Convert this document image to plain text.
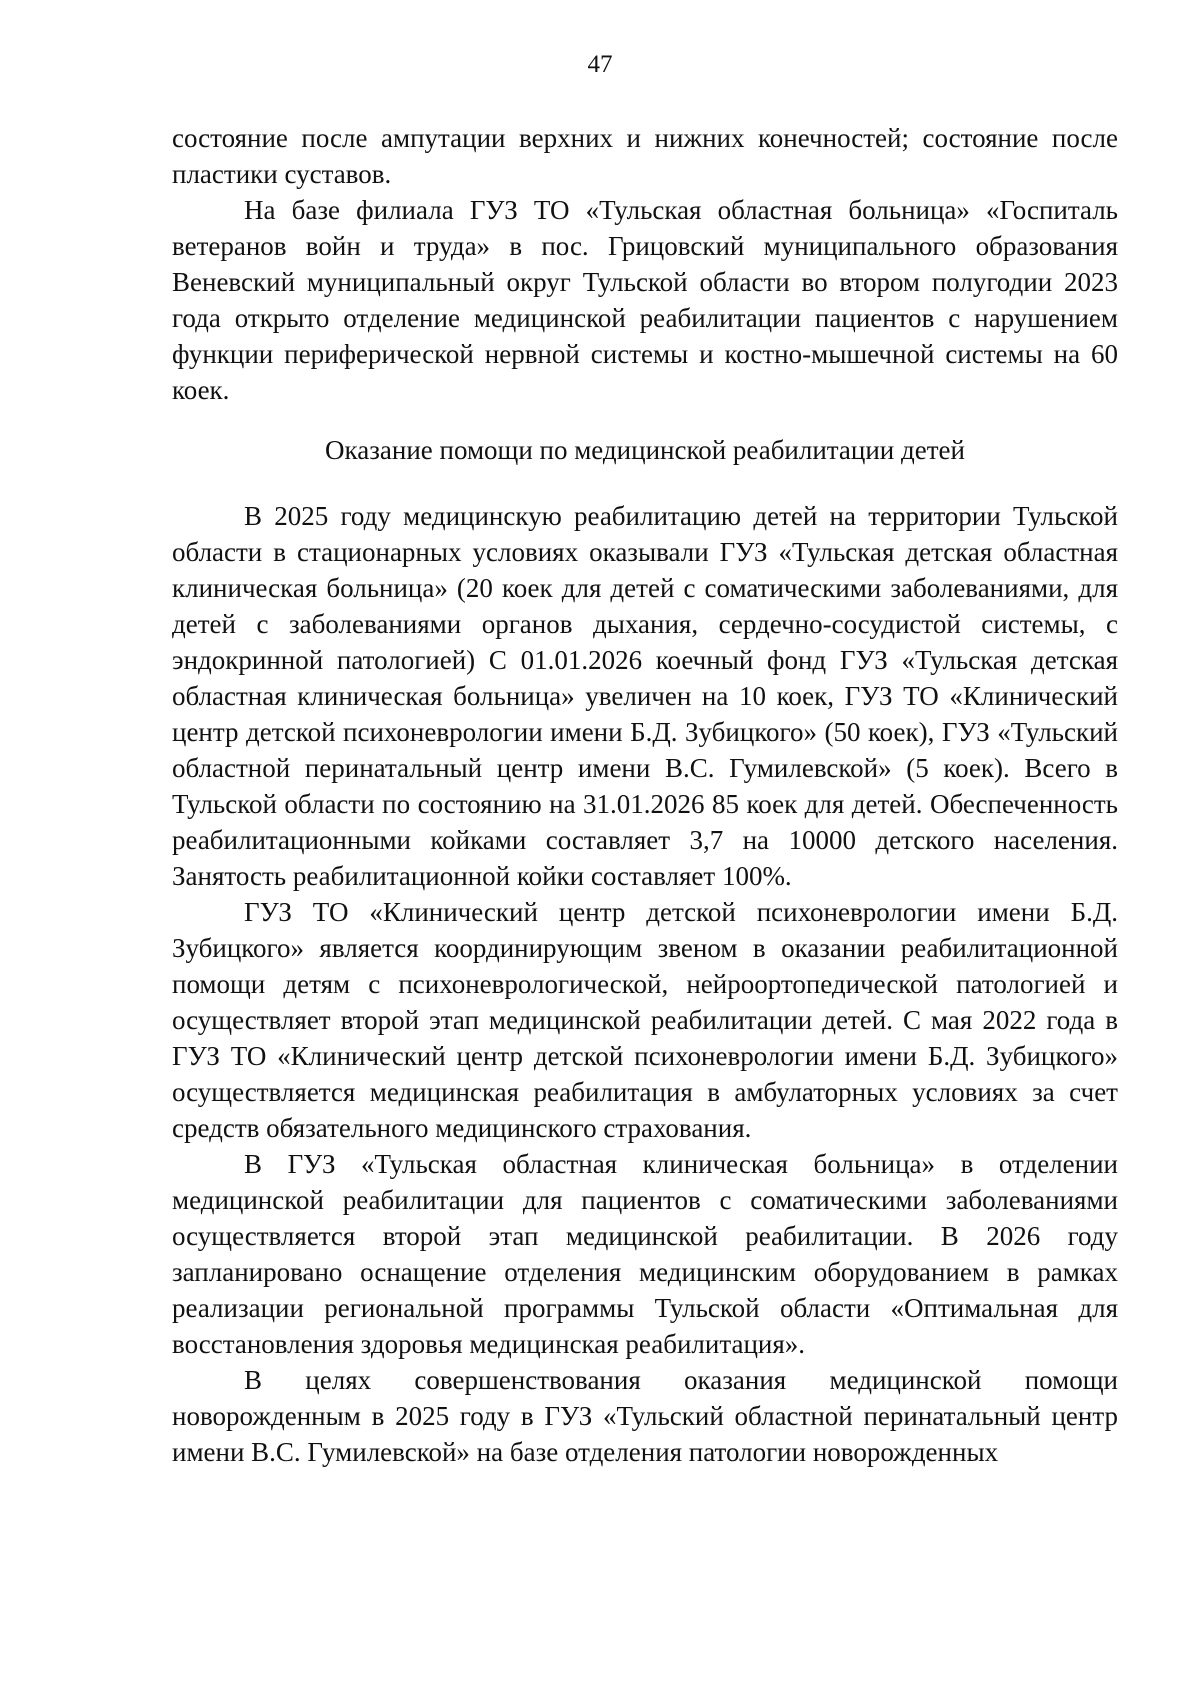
47

состояние после ампутации верхних и нижних конечностей; состояние после пластики суставов.

На базе филиала ГУЗ ТО «Тульская областная больница» «Госпиталь ветеранов войн и труда» в пос. Грицовский муниципального образования Веневский муниципальный округ Тульской области во втором полугодии 2023 года открыто отделение медицинской реабилитации пациентов с нарушением функции периферической нервной системы и костно-мышечной системы на 60 коек.

Оказание помощи по медицинской реабилитации детей

В 2025 году медицинскую реабилитацию детей на территории Тульской области в стационарных условиях оказывали ГУЗ «Тульская детская областная клиническая больница» (20 коек для детей с соматическими заболеваниями, для детей с заболеваниями органов дыхания, сердечно-сосудистой системы, с эндокринной патологией) С 01.01.2026 коечный фонд ГУЗ «Тульская детская областная клиническая больница» увеличен на 10 коек, ГУЗ ТО «Клинический центр детской психоневрологии имени Б.Д. Зубицкого» (50 коек), ГУЗ «Тульский областной перинатальный центр имени В.С. Гумилевской» (5 коек). Всего в Тульской области по состоянию на 31.01.2026 85 коек для детей. Обеспеченность реабилитационными койками составляет 3,7 на 10000 детского населения. Занятость реабилитационной койки составляет 100%.

ГУЗ ТО «Клинический центр детской психоневрологии имени Б.Д. Зубицкого» является координирующим звеном в оказании реабилитационной помощи детям с психоневрологической, нейроортопедической патологией и осуществляет второй этап медицинской реабилитации детей. С мая 2022 года в ГУЗ ТО «Клинический центр детской психоневрологии имени Б.Д. Зубицкого» осуществляется медицинская реабилитация в амбулаторных условиях за счет средств обязательного медицинского страхования.

В ГУЗ «Тульская областная клиническая больница» в отделении медицинской реабилитации для пациентов с соматическими заболеваниями осуществляется второй этап медицинской реабилитации. В 2026 году запланировано оснащение отделения медицинским оборудованием в рамках реализации региональной программы Тульской области «Оптимальная для восстановления здоровья медицинская реабилитация».

В целях совершенствования оказания медицинской помощи новорожденным в 2025 году в ГУЗ «Тульский областной перинатальный центр имени В.С. Гумилевской» на базе отделения патологии новорожденных
